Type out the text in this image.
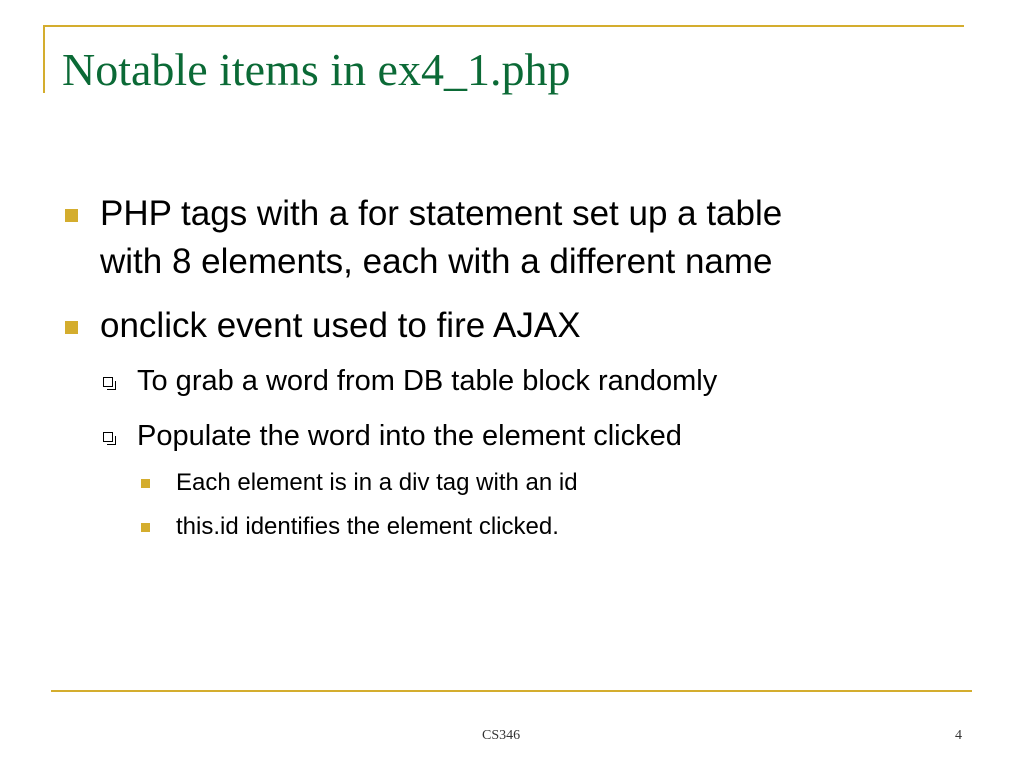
Notable items in ex4_1.php
PHP tags with a for statement set up a table
with 8 elements, each with a different name
onclick event used to fire AJAX
To grab a word from DB table block randomly
Populate the word into the element clicked
Each element is in a div tag with an id
this.id identifies the element clicked.
CS346	4
